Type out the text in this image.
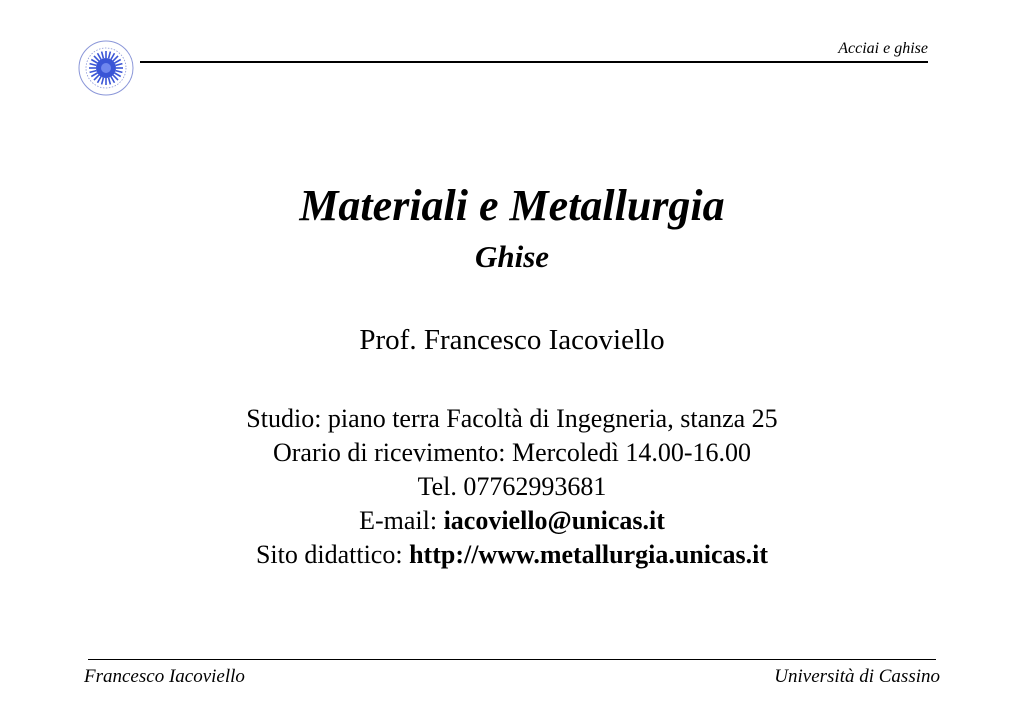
Acciai e ghise
Materiali e Metallurgia
Ghise
Prof. Francesco Iacoviello
Studio: piano terra Facoltà di Ingegneria, stanza 25
Orario di ricevimento: Mercoledì 14.00-16.00
Tel. 07762993681
E-mail: iacoviello@unicas.it
Sito didattico: http://www.metallurgia.unicas.it
Francesco Iacoviello	Università di Cassino
